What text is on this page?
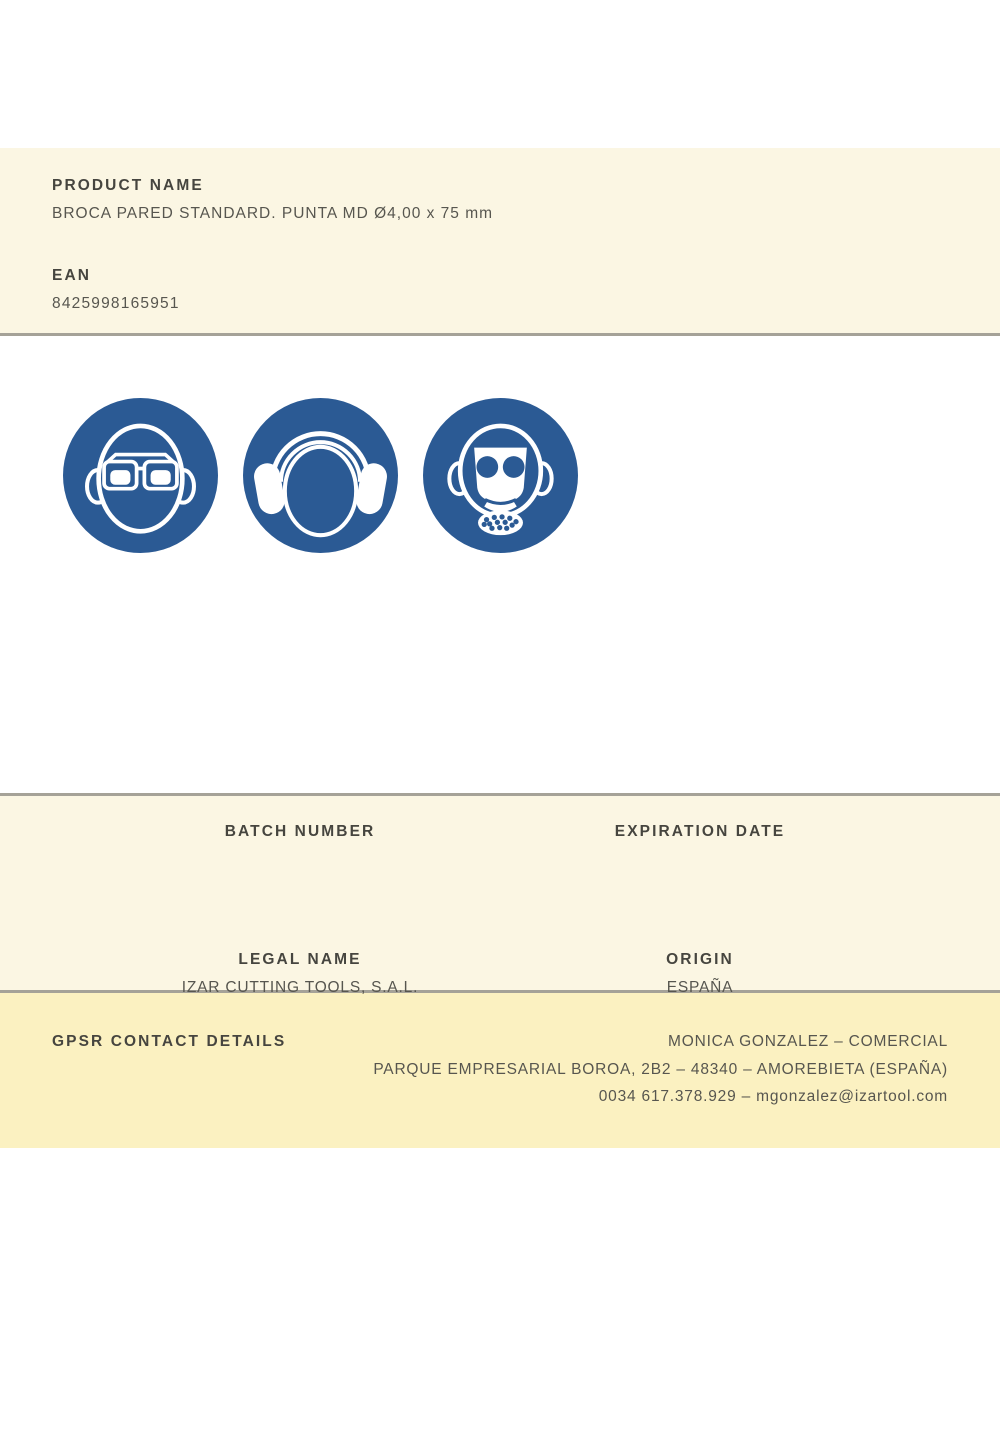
PRODUCT NAME
BROCA PARED STANDARD. PUNTA MD Ø4,00 x 75 mm
EAN
8425998165951
BATCH NUMBER	EXPIRATION DATE
LEGAL NAME
IZAR CUTTING TOOLS, S.A.L.
ORIGIN
ESPAÑA
GPSR CONTACT DETAILS	MONICA GONZALEZ – COMERCIAL
PARQUE EMPRESARIAL BOROA, 2B2 – 48340 – AMOREBIETA (ESPAÑA)
0034 617.378.929 – mgonzalez@izartool.com
